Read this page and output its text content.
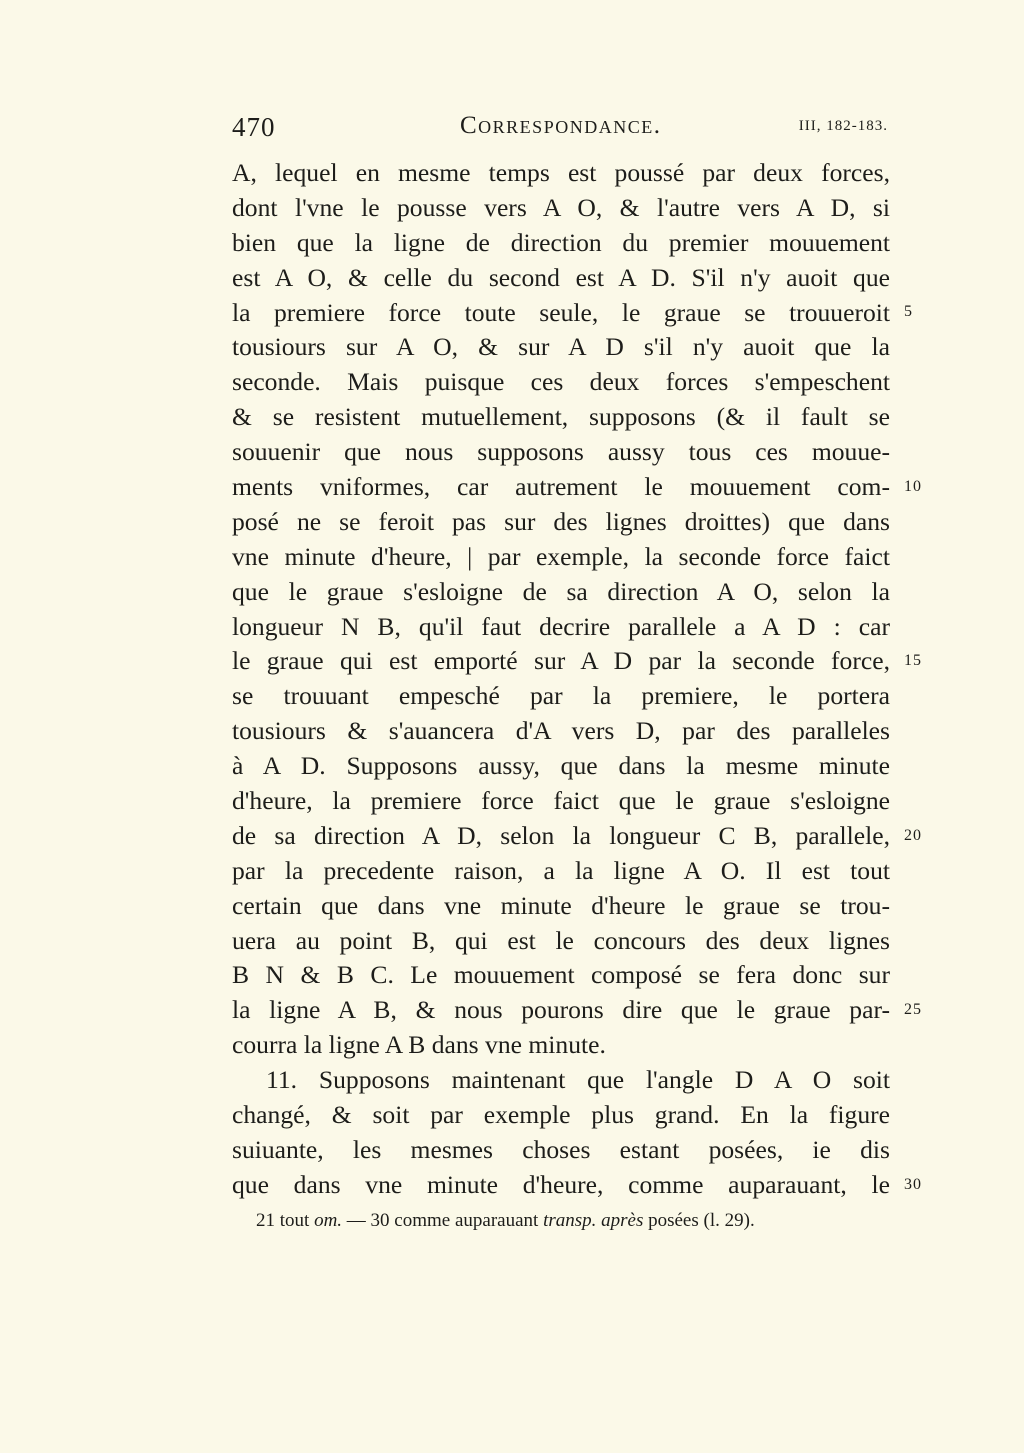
470	Correspondance.	III, 182-183.
A, lequel en mesme temps est poussé par deux forces,
dont l'vne le pousse vers A O, & l'autre vers A D, si
bien que la ligne de direction du premier mouuement
est A O, & celle du second est A D. S'il n'y auoit que
la premiere force toute seule, le graue se trouueroit
tousiours sur A O, & sur A D s'il n'y auoit que la
seconde. Mais puisque ces deux forces s'empeschent
& se resistent mutuellement, supposons (& il fault se
souuenir que nous supposons aussy tous ces mouue-
ments vniformes, car autrement le mouuement com-
posé ne se feroit pas sur des lignes droittes) que dans
vne minute d'heure, | par exemple, la seconde force faict
que le graue s'esloigne de sa direction A O, selon la
longueur N B, qu'il faut decrire parallele a A D : car
le graue qui est emporté sur A D par la seconde force,
se trouuant empesché par la premiere, le portera
tousiours & s'auancera d'A vers D, par des paralleles
à A D. Supposons aussy, que dans la mesme minute
d'heure, la premiere force faict que le graue s'esloigne
de sa direction A D, selon la longueur C B, parallele,
par la precedente raison, a la ligne A O. Il est tout
certain que dans vne minute d'heure le graue se trou-
uera au point B, qui est le concours des deux lignes
B N & B C. Le mouuement composé se fera donc sur
la ligne A B, & nous pourons dire que le graue par-
courra la ligne A B dans vne minute.
11. Supposons maintenant que l'angle D A O soit
changé, & soit par exemple plus grand. En la figure
suiuante, les mesmes choses estant posées, ie dis
que dans vne minute d'heure, comme auparauant, le
5
10
15
20
25
30
21 tout om. — 30 comme auparauant transp. après posées (l. 29).
